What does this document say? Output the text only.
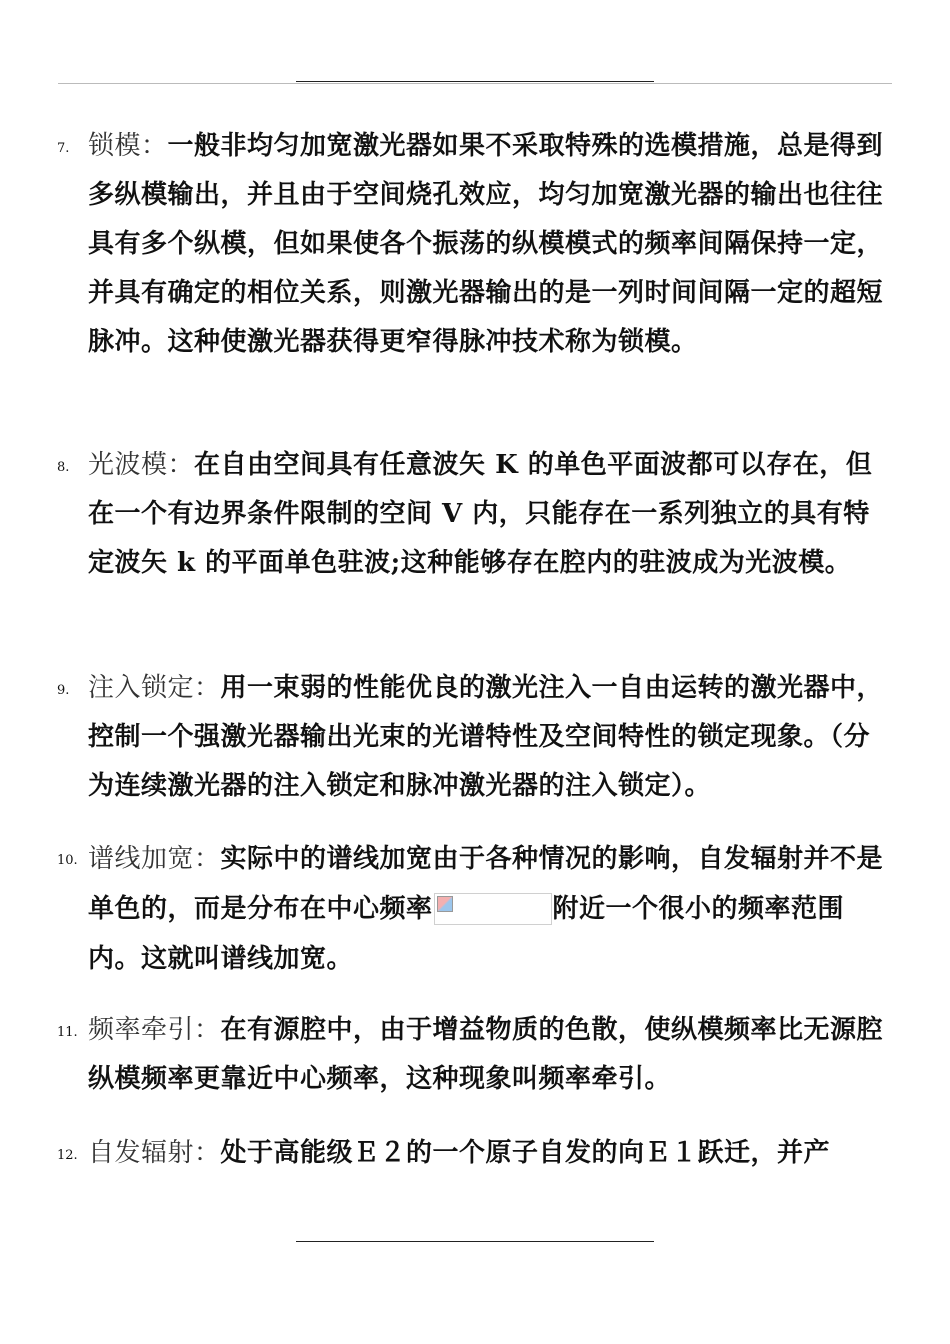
7. 锁模：一般非均匀加宽激光器如果不采取特殊的选模措施，总是得到多纵模输出，并且由于空间烧孔效应，均匀加宽激光器的输出也往往具有多个纵模，但如果使各个振荡的纵模模式的频率间隔保持一定，并具有确定的相位关系，则激光器输出的是一列时间间隔一定的超短脉冲。这种使激光器获得更窄得脉冲技术称为锁模。
8. 光波模：在自由空间具有任意波矢 K 的单色平面波都可以存在，但在一个有边界条件限制的空间 V 内，只能存在一系列独立的具有特定波矢 k 的平面单色驻波;这种能够存在腔内的驻波成为光波模。
9. 注入锁定：用一束弱的性能优良的激光注入一自由运转的激光器中，控制一个强激光器输出光束的光谱特性及空间特性的锁定现象。（分为连续激光器的注入锁定和脉冲激光器的注入锁定）。
10. 谱线加宽：实际中的谱线加宽由于各种情况的影响，自发辐射并不是单色的，而是分布在中心频率	附近一个很小的频率范围内。这就叫谱线加宽。
11. 频率牵引：在有源腔中，由于增益物质的色散，使纵模频率比无源腔纵模频率更靠近中心频率，这种现象叫频率牵引。
12. 自发辐射：处于高能级Ｅ２的一个原子自发的向Ｅ１跃迁，并产
